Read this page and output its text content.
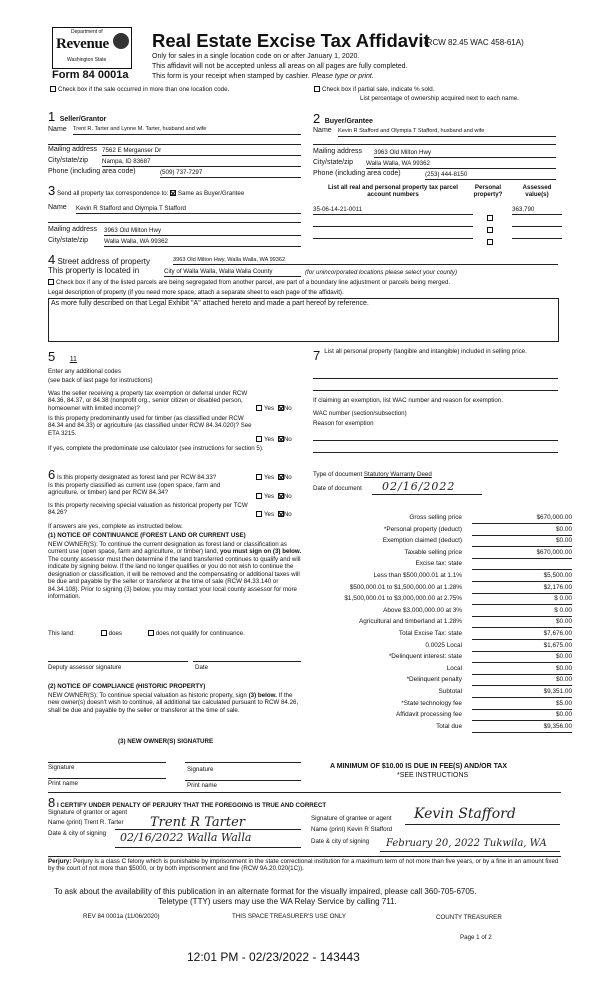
Department of
Revenue
Washington State
Form 84 0001a
Real Estate Excise Tax Affidavit
(RCW 82.45 WAC 458-61A)
Only for sales in a single location code on or after January 1, 2020.
This affidavit will not be accepted unless all areas on all pages are fully completed.
This form is your receipt when stamped by cashier. Please type or print.
Check box if the sale occurred in more than one location code.	Check box if partial sale, indicate % sold.
List percentage of ownership acquired next to each name.
1 Seller/Grantor
Name Trent R. Tarter and Lynne M. Tarter, husband and wife
Mailing address 7562 E Merganser Dr
City/state/zip Nampa, ID 83687
Phone (including area code)	(509) 737-7297
2 Buyer/Grantee
Name Kevin R Stafford and Olympia T Stafford, husband and wife
Mailing address 3963 Old Milton Hwy
City/state/zip Walla Walla, WA 99362
Phone (including area code)	(253) 444-8150
3 Send all property tax correspondence to: Same as Buyer/Grantee
Name Kevin R Stafford and Olympia T Stafford
Mailing address 3963 Old Milton Hwy
City/state/zip	Walla Walla, WA 99362
List all real and personal property tax parcel account numbers
Personal property?
Assessed value(s)
35-06-14-21-0011	363,790
4 Street address of property	3963 Old Milton Hwy, Walla Walla, WA 99362
This property is located in	City of Walla Walla, Walla Walla County	(for unincorporated locations please select your county)
Check box if any of the listed parcels are being segregated from another parcel, are part of a boundary line adjustment or parcels being merged.
Legal description of property (if you need more space, attach a separate sheet to each page of the affidavit).
As more fully described on that Legal Exhibit "A" attached hereto and made a part hereof by reference.
5 11
Enter any additional codes
(see back of last page for instructions)
Was the seller receiving a property tax exemption or deferral under RCW 84.36, 84.37, or 84.38 (nonprofit org., senior citizen or disabled person, homeowner with limited income)?	Yes No
Is this property predominantly used for timber (as classified under RCW 84.34 and 84.33) or agriculture (as classified under RCW 84.34.020)? See ETA 3215.
Yes No
If yes, complete the predominate use calculator (see instructions for section 5).
6 Is this property designated as forest land per RCW 84.33?	Yes No
Is this property classified as current use (open space, farm and agriculture, or timber) land per RCW 84.34?
Yes No
Is this property receiving special valuation as historical property per TCW 84.26?	Yes No
If answers are yes, complete as instructed below.
(1) NOTICE OF CONTINUANCE (FOREST LAND OR CURRENT USE)
NEW OWNER(S): To continue the current designation as forest land or classification as current use (open space, farm and agriculture, or timber) land, you must sign on (3) below. The county assessor must then determine if the land transferred continues to qualify and will indicate by signing below. If the land no longer qualifies or you do not wish to continue the designation or classification, it will be removed and the compensating or additional taxes will be due and payable by the seller or transferor at the time of sale (RCW 84.33.140 or 84.34.108). Prior to signing (3) below, you may contact your local county assessor for more information.
This land:	does	does not qualify for continuance.
Deputy assessor signature	Date
(2) NOTICE OF COMPLIANCE (HISTORIC PROPERTY)
NEW OWNER(S): To continue special valuation as historic property, sign (3) below. If the new owner(s) doesn't wish to continue, all additional tax calculated pursuant to RCW 84.26, shall be due and payable by the seller or transferor at the time of sale.
(3) NEW OWNER(S) SIGNATURE
Signature	Signature
Print name	Print name
7 List all personal property (tangible and intangible) included in selling price.
If claiming an exemption, list WAC number and reason for exemption.
WAC number (section/subsection)
Reason for exemption
Type of document Statutory Warranty Deed
Date of document 02/16/2022
Gross selling price	$670,000.00
*Personal property (deduct)	$0.00
Exemption claimed (deduct)	$0.00
Taxable selling price	$670,000.00
Excise tax: state
Less than $500,000.01 at 1.1%	$5,500.00
$500,000.01 to $1,500,000.00 at 1.28%	$2,176.00
$1,500,000.01 to $3,000,000.00 at 2.75%	$ 0.00
Above $3,000,000.00 at 3%	$ 0.00
Agricultural and timberland at 1.28%	$0.00
Total Excise Tax: state	$7,676.00
0.0025 Local	$1,675.00
*Delinquent interest: state	$0.00
Local	$0.00
*Delinquent penalty	$0.00
Subtotal	$9,351.00
*State technology fee	$5.00
Affidavit processing fee	$0.00
Total due	$9,356.00
A MINIMUM OF $10.00 IS DUE IN FEE(S) AND/OR TAX
*SEE INSTRUCTIONS
8 I CERTIFY UNDER PENALTY OF PERJURY THAT THE FOREGOING IS TRUE AND CORRECT
Signature of grantor or agent
Name (print) Trent R. Tarter Trent R Tarter
Date & city of signing 02/16/2022 Walla Walla
Signature of grantee or agent Kevin Stafford
Name (print) Kevin R Stafford
Date & city of signing February 20, 2022 Tukwila, WA
Perjury: Perjury is a class C felony which is punishable by imprisonment in the state correctional institution for a maximum term of not more than five years, or by a fine in an amount fixed by the court of not more than $5000, or by both imprisonment and fine (RCW 9A.20.020(1C)).
To ask about the availability of this publication in an alternate format for the visually impaired, please call 360-705-6705.
Teletype (TTY) users may use the WA Relay Service by calling 711.
REV 84 0001a (11/06/2020)	THIS SPACE TREASURER'S USE ONLY	COUNTY TREASURER
Page 1 of 2
12:01 PM - 02/23/2022 - 143443
